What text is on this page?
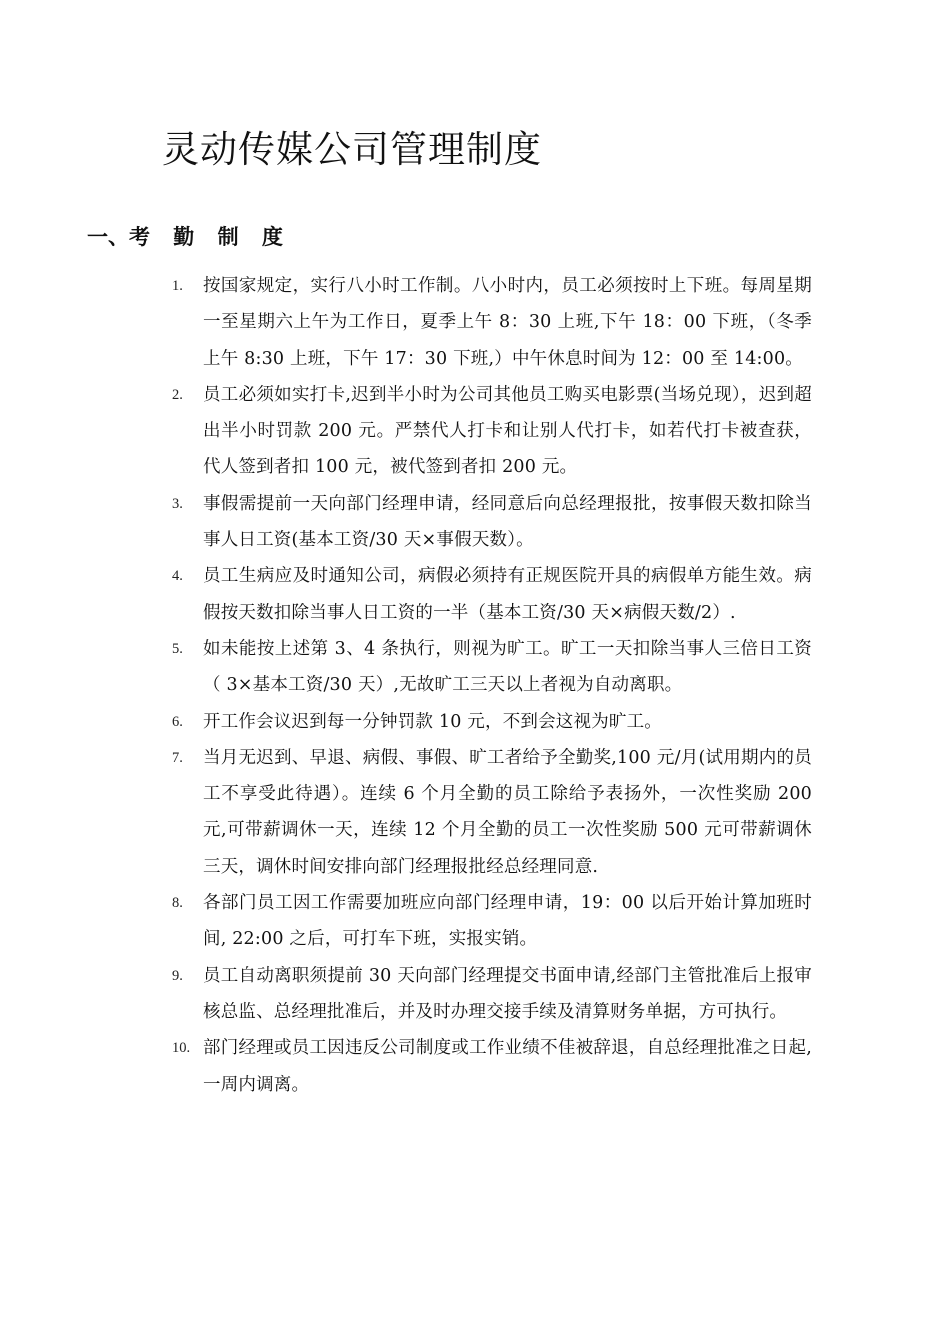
灵动传媒公司管理制度
一、考 勤 制 度
1. 按国家规定，实行八小时工作制。八小时内，员工必须按时上下班。每周星期一至星期六上午为工作日，夏季上午 8：30 上班,下午 18：00 下班，（冬季上午 8:30 上班，下午 17：30 下班,）中午休息时间为 12：00 至 14:00。
2. 员工必须如实打卡,迟到半小时为公司其他员工购买电影票(当场兑现），迟到超出半小时罚款 200 元。严禁代人打卡和让别人代打卡，如若代打卡被查获，代人签到者扣 100 元，被代签到者扣 200 元。
3. 事假需提前一天向部门经理申请，经同意后向总经理报批，按事假天数扣除当事人日工资(基本工资/30 天×事假天数）。
4. 员工生病应及时通知公司，病假必须持有正规医院开具的病假单方能生效。病假按天数扣除当事人日工资的一半（基本工资/30 天×病假天数/2）.
5. 如未能按上述第 3、4 条执行，则视为旷工。旷工一天扣除当事人三倍日工资（ 3×基本工资/30 天）,无故旷工三天以上者视为自动离职。
6. 开工作会议迟到每一分钟罚款 10 元，不到会这视为旷工。
7. 当月无迟到、早退、病假、事假、旷工者给予全勤奖,100 元/月(试用期内的员工不享受此待遇）。连续 6 个月全勤的员工除给予表扬外，一次性奖励 200 元,可带薪调休一天，连续 12 个月全勤的员工一次性奖励 500 元可带薪调休三天，调休时间安排向部门经理报批经总经理同意.
8. 各部门员工因工作需要加班应向部门经理申请，19：00 以后开始计算加班时间, 22:00 之后，可打车下班，实报实销。
9. 员工自动离职须提前 30 天向部门经理提交书面申请,经部门主管批准后上报审核总监、总经理批准后，并及时办理交接手续及清算财务单据，方可执行。
10. 部门经理或员工因违反公司制度或工作业绩不佳被辞退，自总经理批准之日起,一周内调离。
